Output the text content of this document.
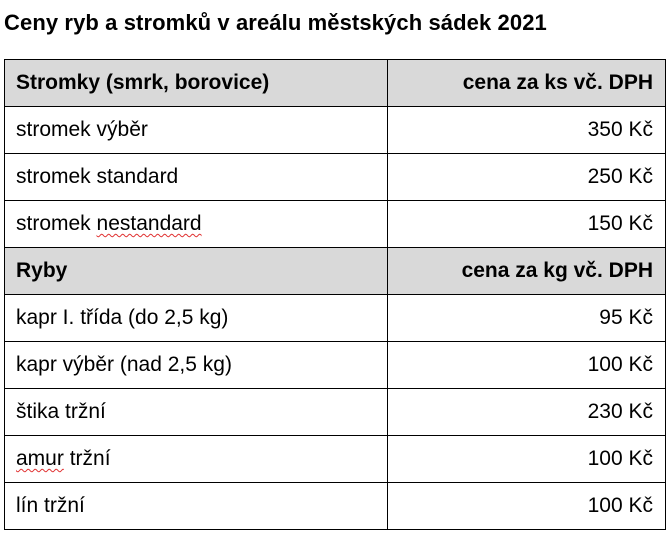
Ceny ryb a stromků v areálu městských sádek 2021
Stromky (smrk, borovice)	cena za ks vč. DPH
stromek výběr	350 Kč
stromek standard	250 Kč
stromek nestandard	150 Kč
Ryby	cena za kg vč. DPH
kapr I. třída (do 2,5 kg)	95 Kč
kapr výběr (nad 2,5 kg)	100 Kč
štika tržní	230 Kč
amur tržní	100 Kč
lín tržní	100 Kč
